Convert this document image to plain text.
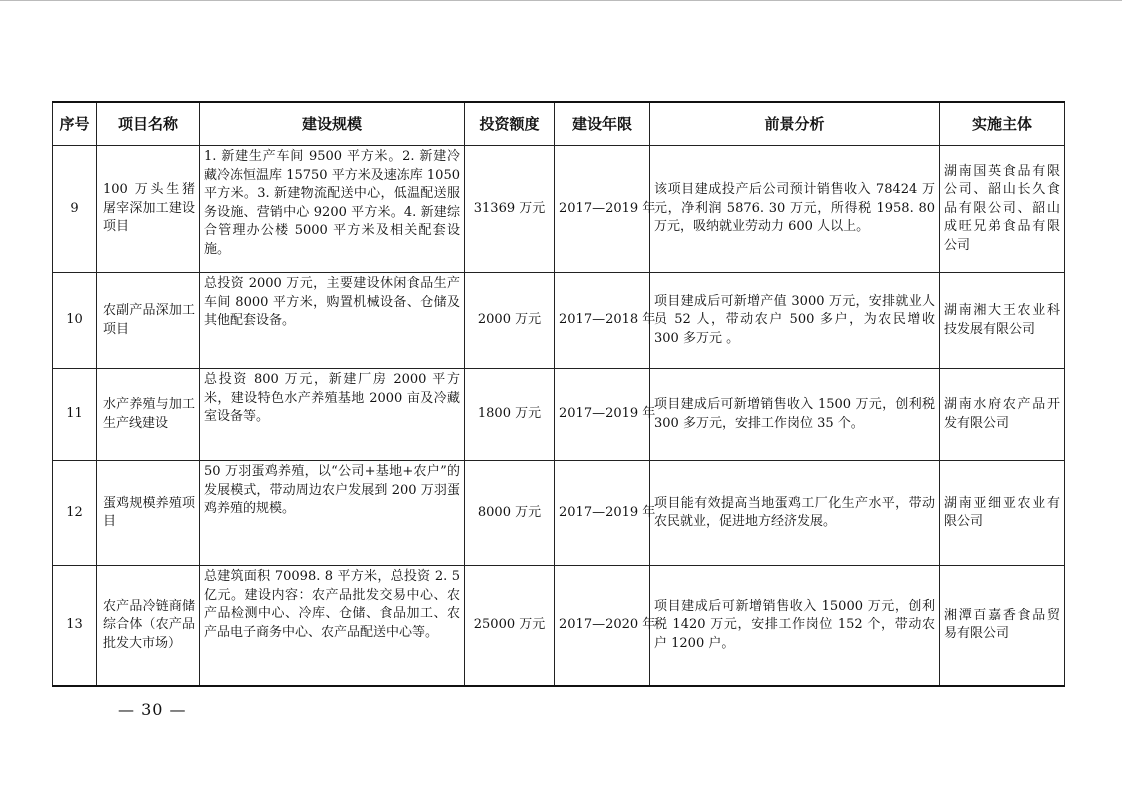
序号	项目名称	建设规模	投资额度	建设年限	前景分析	实施主体
9	100 万头生猪屠宰深加工建设项目	1. 新建生产车间 9500 平方米。2. 新建冷藏冷冻恒温库 15750 平方米及速冻库 1050 平方米。3. 新建物流配送中心，低温配送服务设施、营销中心 9200 平方米。4. 新建综合管理办公楼 5000 平方米及相关配套设施。	31369 万元	2017—2019 年	该项目建成投产后公司预计销售收入 78424 万元，净利润 5876. 30 万元，所得税 1958. 80 万元，吸纳就业劳动力 600 人以上。	湖南国英食品有限公司、韶山长久食品有限公司、韶山成旺兄弟食品有限公司
10	农副产品深加工项目	总投资 2000 万元，主要建设休闲食品生产车间 8000 平方米，购置机械设备、仓储及其他配套设备。	2000 万元	2017—2018 年	项目建成后可新增产值 3000 万元，安排就业人员 52 人，带动农户 500 多户，为农民增收 300 多万元 。	湖南湘大王农业科技发展有限公司
11	水产养殖与加工生产线建设	总投资 800 万元，新建厂房 2000 平方米，建设特色水产养殖基地 2000 亩及冷藏室设备等。	1800 万元	2017—2019 年	项目建成后可新增销售收入 1500 万元，创利税 300 多万元，安排工作岗位 35 个。	湖南水府农产品开发有限公司
12	蛋鸡规模养殖项目	50 万羽蛋鸡养殖，以“公司+基地+农户”的发展模式，带动周边农户发展到 200 万羽蛋鸡养殖的规模。	8000 万元	2017—2019 年	项目能有效提高当地蛋鸡工厂化生产水平，带动农民就业，促进地方经济发展。	湖南亚细亚农业有限公司
13	农产品冷链商储综合体（农产品批发大市场）	总建筑面积 70098. 8 平方米，总投资 2. 5 亿元。建设内容：农产品批发交易中心、农产品检测中心、冷库、仓储、食品加工、农产品电子商务中心、农产品配送中心等。	25000 万元	2017—2020 年	项目建成后可新增销售收入 15000 万元，创利税 1420 万元，安排工作岗位 152 个，带动农户 1200 户。	湘潭百嘉香食品贸易有限公司
— 30 —
